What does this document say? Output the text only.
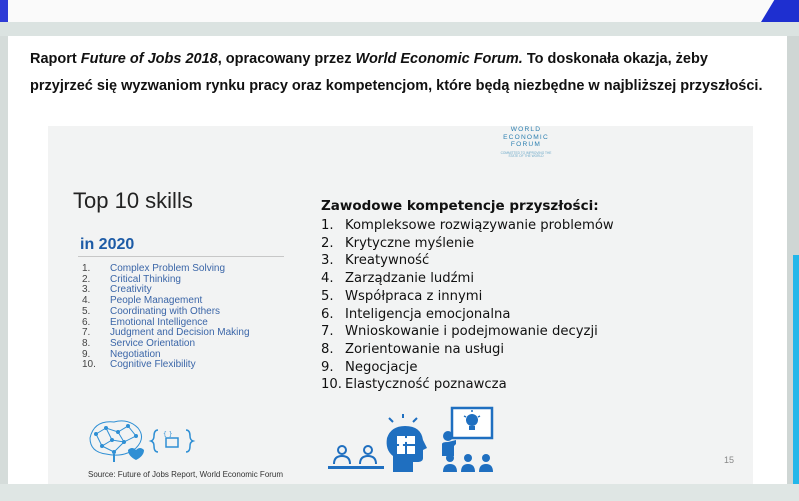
Raport Future of Jobs 2018, opracowany przez World Economic Forum. To doskonała okazja, żeby przyjrzeć się wyzwaniom rynku pracy oraz kompetencjom, które będą niezbędne w najbliższej przyszłości.
WORLD
ECONOMIC
FORUM
COMMITTED TO IMPROVING THE STATE OF THE WORLD
Top 10 skills
in 2020
1.	Complex Problem Solving
2.	Critical Thinking
3.	Creativity
4.	People Management
5.	Coordinating with Others
6.	Emotional Intelligence
7.	Judgment and Decision Making
8.	Service Orientation
9.	Negotiation
10.	Cognitive Flexibility
Zawodowe kompetencje przyszłości:
1. Kompleksowe rozwiązywanie problemów
2. Krytyczne myślenie
3. Kreatywność
4. Zarządzanie ludźmi
5. Współpraca z innymi
6. Inteligencja emocjonalna
7. Wnioskowanie i podejmowanie decyzji
8. Zorientowanie na usługi
9. Negocjacje
10. Elastyczność poznawcza
{ }
15
Source: Future of Jobs Report, World Economic Forum
